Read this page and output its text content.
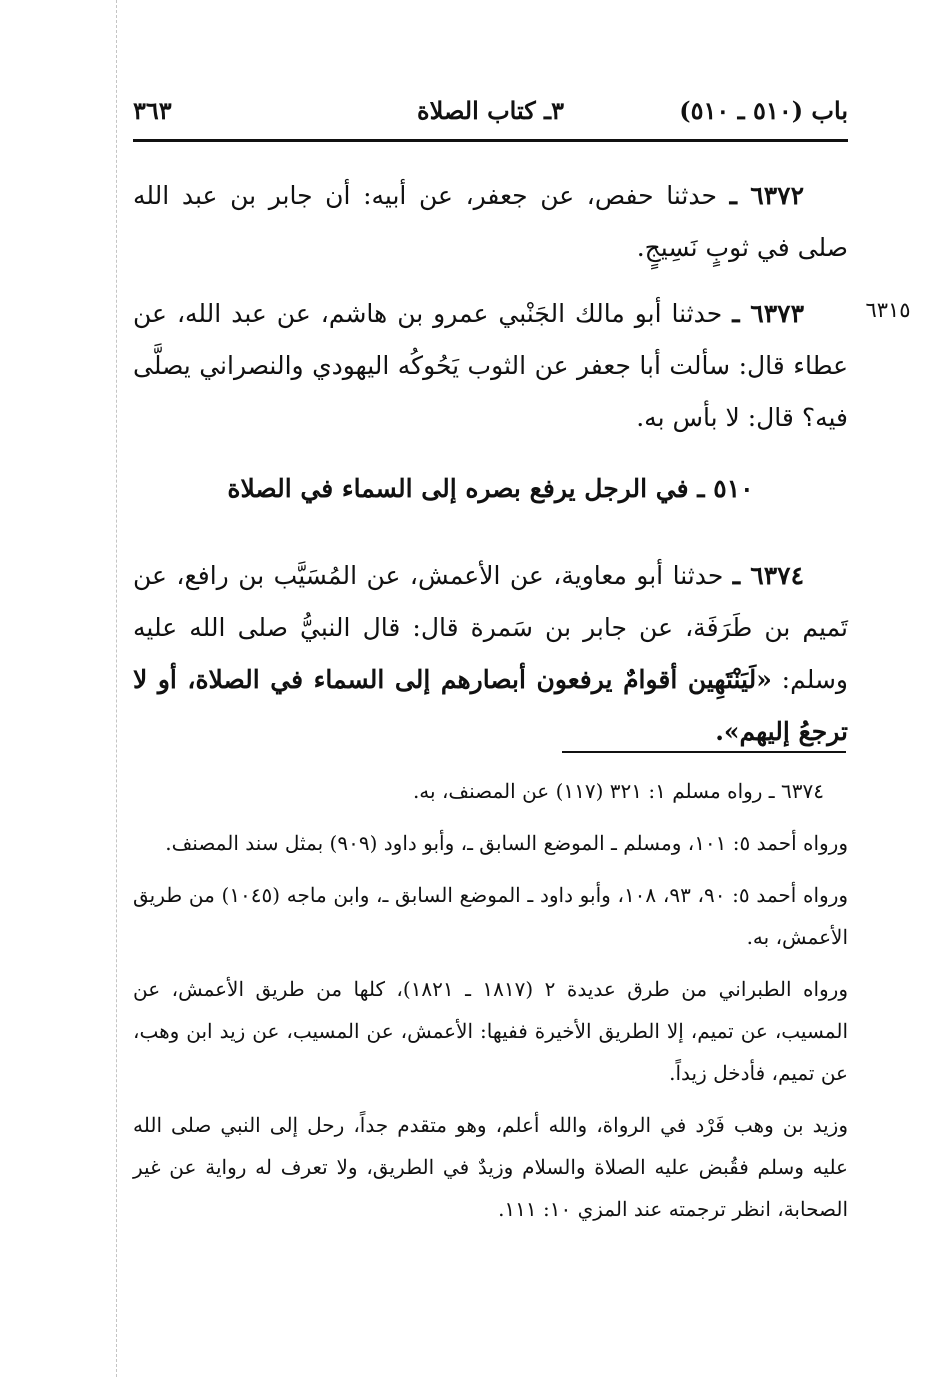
باب (٥١٠ ـ ٥١٠)
٣ـ كتاب الصلاة
٣٦٣

٦٣٧٢ ـ حدثنا حفص، عن جعفر، عن أبيه: أن جابر بن عبد الله صلى في ثوبٍ نَسِيجٍ.

٦٣١٥

٦٣٧٣ ـ حدثنا أبو مالك الجَنْبي عمرو بن هاشم، عن عبد الله، عن عطاء قال: سألت أبا جعفر عن الثوب يَحُوكُه اليهودي والنصراني يصلَّى فيه؟ قال: لا بأس به.

٥١٠ ـ في الرجل يرفع بصره إلى السماء في الصلاة

٦٣٧٤ ـ حدثنا أبو معاوية، عن الأعمش، عن المُسَيَّب بن رافع، عن تَميم بن طَرَفَة، عن جابر بن سَمرة قال: قال النبيُّ صلى الله عليه وسلم: «لَيَنْتَهِين أقوامٌ يرفعون أبصارهم إلى السماء في الصلاة، أو لا ترجعُ إليهم».

٦٣٧٤ ـ رواه مسلم ١: ٣٢١ (١١٧) عن المصنف، به.

ورواه أحمد ٥: ١٠١، ومسلم ـ الموضع السابق ـ، وأبو داود (٩٠٩) بمثل سند المصنف.

ورواه أحمد ٥: ٩٠، ٩٣، ١٠٨، وأبو داود ـ الموضع السابق ـ، وابن ماجه (١٠٤٥) من طريق الأعمش، به.

ورواه الطبراني من طرق عديدة ٢ (١٨١٧ ـ ١٨٢١)، كلها من طريق الأعمش، عن المسيب، عن تميم، إلا الطريق الأخيرة ففيها: الأعمش، عن المسيب، عن زيد ابن وهب، عن تميم، فأدخل زيداً.

وزيد بن وهب فَرْد في الرواة، والله أعلم، وهو متقدم جداً، رحل إلى النبي صلى الله عليه وسلم فقُبض عليه الصلاة والسلام وزيدٌ في الطريق، ولا تعرف له رواية عن غير الصحابة، انظر ترجمته عند المزي ١٠: ١١١.
